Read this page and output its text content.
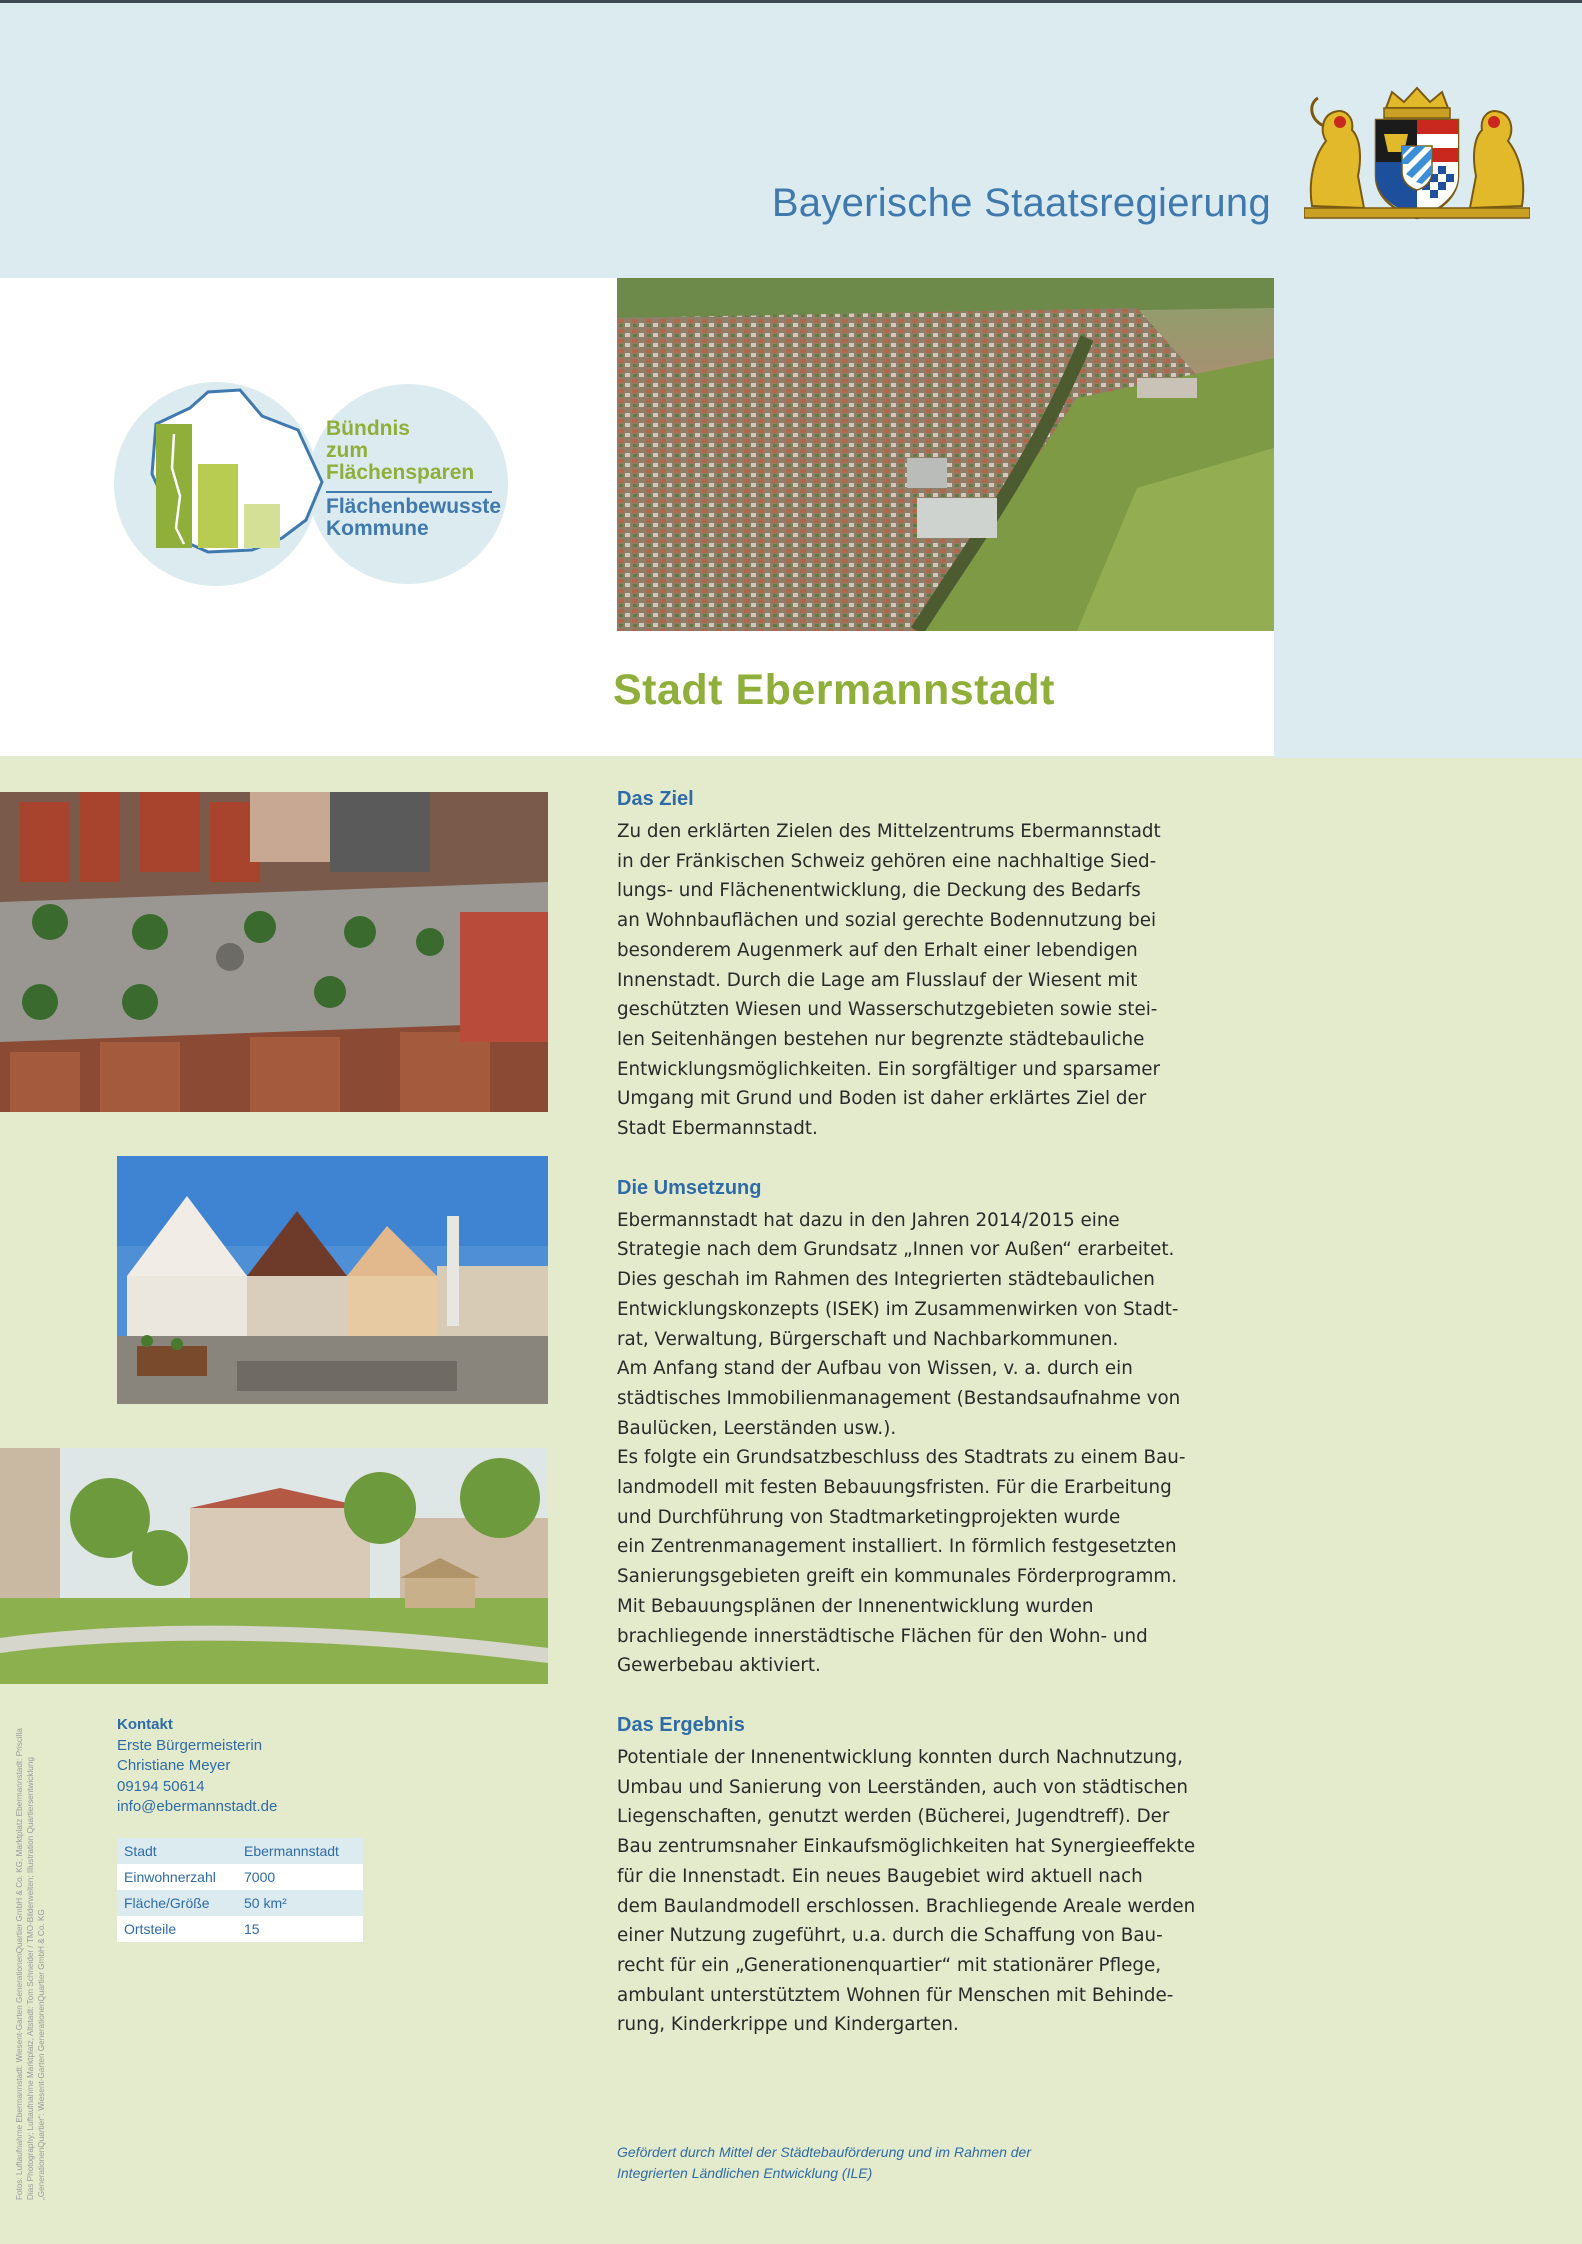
Bayerische Staatsregierung
Bündnis
zum
Flächensparen
Flächenbewusste
Kommune
Stadt Ebermannstadt
Das Ziel

Zu den erklärten Zielen des Mittelzentrums Ebermannstadt
in der Fränkischen Schweiz gehören eine nachhaltige Sied-
lungs- und Flächenentwicklung, die Deckung des Bedarfs
an Wohnbauflächen und sozial gerechte Bodennutzung bei
besonderem Augenmerk auf den Erhalt einer lebendigen
Innenstadt. Durch die Lage am Flusslauf der Wiesent mit
geschützten Wiesen und Wasserschutzgebieten sowie stei-
len Seitenhängen bestehen nur begrenzte städtebauliche
Entwicklungsmöglichkeiten. Ein sorgfältiger und sparsamer
Umgang mit Grund und Boden ist daher erklärtes Ziel der
Stadt Ebermannstadt.

Die Umsetzung

Ebermannstadt hat dazu in den Jahren 2014/2015 eine
Strategie nach dem Grundsatz „Innen vor Außen“ erarbeitet.
Dies geschah im Rahmen des Integrierten städtebaulichen
Entwicklungskonzepts (ISEK) im Zusammenwirken von Stadt-
rat, Verwaltung, Bürgerschaft und Nachbarkommunen.
Am Anfang stand der Aufbau von Wissen, v. a. durch ein
städtisches Immobilienmanagement (Bestandsaufnahme von
Baulücken, Leerständen usw.).
Es folgte ein Grundsatzbeschluss des Stadtrats zu einem Bau-
landmodell mit festen Bebauungsfristen. Für die Erarbeitung
und Durchführung von Stadtmarketingprojekten wurde
ein Zentrenmanagement installiert. In förmlich festgesetzten
Sanierungsgebieten greift ein kommunales Förderprogramm.
Mit Bebauungsplänen der Innenentwicklung wurden
brachliegende innerstädtische Flächen für den Wohn- und
Gewerbebau aktiviert.

Das Ergebnis

Potentiale der Innenentwicklung konnten durch Nachnutzung,
Umbau und Sanierung von Leerständen, auch von städtischen
Liegenschaften, genutzt werden (Bücherei, Jugendtreff). Der
Bau zentrumsnaher Einkaufsmöglichkeiten hat Synergieeffekte
für die Innenstadt. Ein neues Baugebiet wird aktuell nach
dem Baulandmodell erschlossen. Brachliegende Areale werden
einer Nutzung zugeführt, u.a. durch die Schaffung von Bau-
recht für ein „Generationenquartier“ mit stationärer Pflege,
ambulant unterstütztem Wohnen für Menschen mit Behinde-
rung, Kinderkrippe und Kindergarten.

Kontakt
Erste Bürgermeisterin
Christiane Meyer
09194 50614
info@ebermannstadt.de
Stadt	Ebermannstadt
Einwohnerzahl	7000
Fläche/Größe	50 km²
Ortsteile	15
Fotos: Luftaufnahme Ebermannstadt: Wiesent-Garten GenerationenQuartier GmbH & Co. KG; Marktplatz Ebermannstadt: Priscilla Dias Photography; Luftaufnahme Marktplatz, Altstadt: Tom Schneider / TMO-Bilderwelten; Illustration Quartiersentwicklung „GenerationenQuartier“: Wiesent-Garten GenerationenQuartier GmbH & Co. KG	Gefördert durch Mittel der Städtebauförderung und im Rahmen der
Integrierten Ländlichen Entwicklung (ILE)
